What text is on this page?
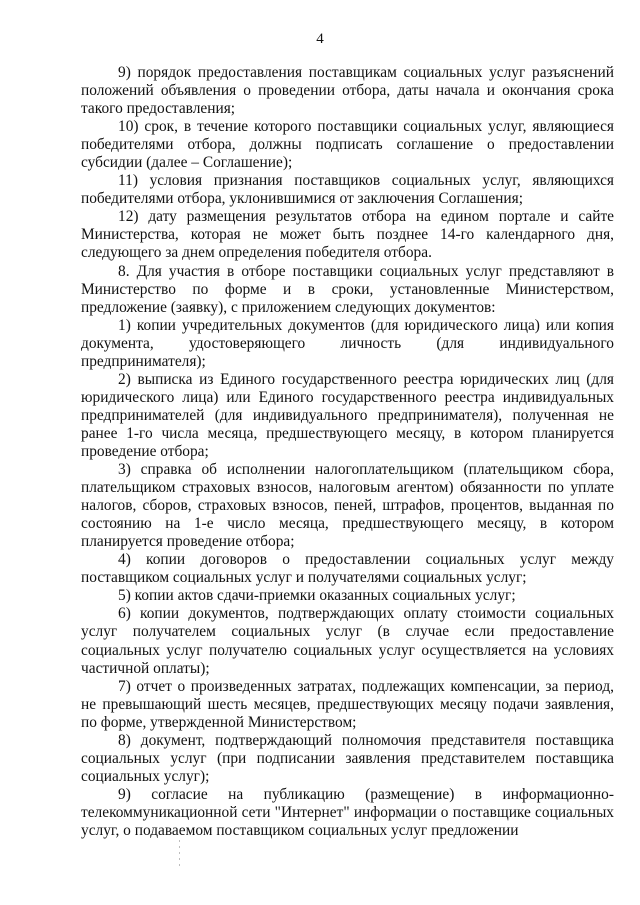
4

9) порядок предоставления поставщикам социальных услуг разъяснений положений объявления о проведении отбора, даты начала и окончания срока такого предоставления;

10) срок, в течение которого поставщики социальных услуг, являющиеся победителями отбора, должны подписать соглашение о предоставлении субсидии (далее – Соглашение);

11) условия признания поставщиков социальных услуг, являющихся победителями отбора, уклонившимися от заключения Соглашения;

12) дату размещения результатов отбора на едином портале и сайте Министерства, которая не может быть позднее 14-го календарного дня, следующего за днем определения победителя отбора.

8. Для участия в отборе поставщики социальных услуг представляют в Министерство по форме и в сроки, установленные Министерством, предложение (заявку), с приложением следующих документов:

1) копии учредительных документов (для юридического лица) или копия документа, удостоверяющего личность (для индивидуального предпринимателя);

2) выписка из Единого государственного реестра юридических лиц (для юридического лица) или Единого государственного реестра индивидуальных предпринимателей (для индивидуального предпринимателя), полученная не ранее 1-го числа месяца, предшествующего месяцу, в котором планируется проведение отбора;

3) справка об исполнении налогоплательщиком (плательщиком сбора, плательщиком страховых взносов, налоговым агентом) обязанности по уплате налогов, сборов, страховых взносов, пеней, штрафов, процентов, выданная по состоянию на 1-е число месяца, предшествующего месяцу, в котором планируется проведение отбора;

4) копии договоров о предоставлении социальных услуг между поставщиком социальных услуг и получателями социальных услуг;

5) копии актов сдачи-приемки оказанных социальных услуг;

6) копии документов, подтверждающих оплату стоимости социальных услуг получателем социальных услуг (в случае если предоставление социальных услуг получателю социальных услуг осуществляется на условиях частичной оплаты);

7) отчет о произведенных затратах, подлежащих компенсации, за период, не превышающий шесть месяцев, предшествующих месяцу подачи заявления, по форме, утвержденной Министерством;

8) документ, подтверждающий полномочия представителя поставщика социальных услуг (при подписании заявления представителем поставщика социальных услуг);

9) согласие на публикацию (размещение) в информационно-телекоммуникационной сети "Интернет" информации о поставщике социальных услуг, о подаваемом поставщиком социальных услуг предложении
